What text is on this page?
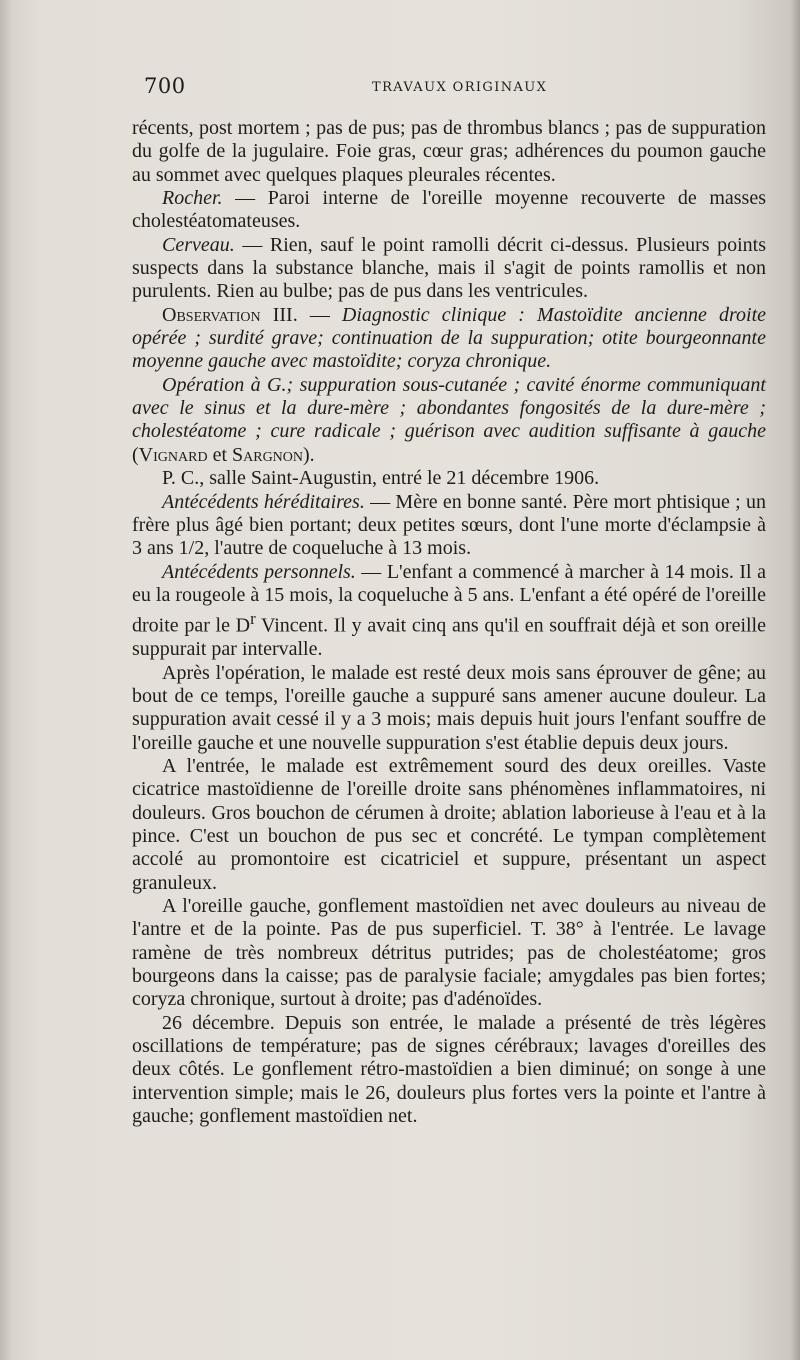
700	TRAVAUX ORIGINAUX

récents, post mortem ; pas de pus; pas de thrombus blancs ; pas de suppuration du golfe de la jugulaire. Foie gras, cœur gras; adhérences du poumon gauche au sommet avec quelques plaques pleurales récentes.

Rocher. — Paroi interne de l'oreille moyenne recouverte de masses cholestéatomateuses.

Cerveau. — Rien, sauf le point ramolli décrit ci-dessus. Plusieurs points suspects dans la substance blanche, mais il s'agit de points ramollis et non purulents. Rien au bulbe; pas de pus dans les ventricules.

Observation III. — Diagnostic clinique : Mastoïdite ancienne droite opérée ; surdité grave; continuation de la suppuration; otite bourgeonnante moyenne gauche avec mastoïdite; coryza chronique.

Opération à G.; suppuration sous-cutanée ; cavité énorme communiquant avec le sinus et la dure-mère ; abondantes fongosités de la dure-mère ; cholestéatome ; cure radicale ; guérison avec audition suffisante à gauche (Vignard et Sargnon).

P. C., salle Saint-Augustin, entré le 21 décembre 1906.

Antécédents héréditaires. — Mère en bonne santé. Père mort phtisique ; un frère plus âgé bien portant; deux petites sœurs, dont l'une morte d'éclampsie à 3 ans 1/2, l'autre de coqueluche à 13 mois.

Antécédents personnels. — L'enfant a commencé à marcher à 14 mois. Il a eu la rougeole à 15 mois, la coqueluche à 5 ans. L'enfant a été opéré de l'oreille droite par le $D^r$ Vincent. Il y avait cinq ans qu'il en souffrait déjà et son oreille suppurait par intervalle.

Après l'opération, le malade est resté deux mois sans éprouver de gêne; au bout de ce temps, l'oreille gauche a suppuré sans amener aucune douleur. La suppuration avait cessé il y a 3 mois; mais depuis huit jours l'enfant souffre de l'oreille gauche et une nouvelle suppuration s'est établie depuis deux jours.

A l'entrée, le malade est extrêmement sourd des deux oreilles. Vaste cicatrice mastoïdienne de l'oreille droite sans phénomènes inflammatoires, ni douleurs. Gros bouchon de cérumen à droite; ablation laborieuse à l'eau et à la pince. C'est un bouchon de pus sec et concrété. Le tympan complètement accolé au promontoire est cicatriciel et suppure, présentant un aspect granuleux.

A l'oreille gauche, gonflement mastoïdien net avec douleurs au niveau de l'antre et de la pointe. Pas de pus superficiel. T. 38° à l'entrée. Le lavage ramène de très nombreux détritus putrides; pas de cholestéatome; gros bourgeons dans la caisse; pas de paralysie faciale; amygdales pas bien fortes; coryza chronique, surtout à droite; pas d'adénoïdes.

26 décembre. Depuis son entrée, le malade a présenté de très légères oscillations de température; pas de signes cérébraux; lavages d'oreilles des deux côtés. Le gonflement rétro-mastoïdien a bien diminué; on songe à une intervention simple; mais le 26, douleurs plus fortes vers la pointe et l'antre à gauche; gonflement mastoïdien net.
